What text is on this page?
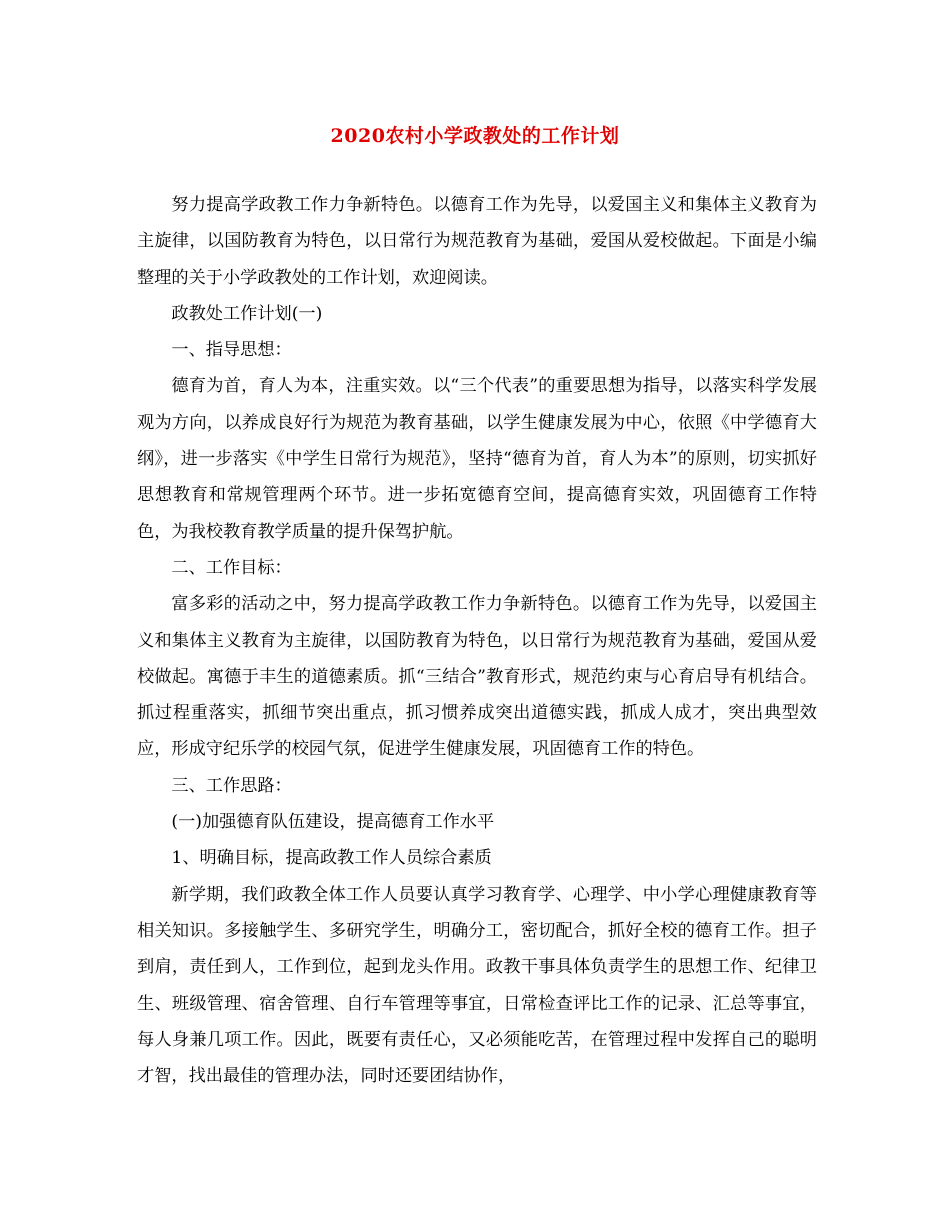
2020农村小学政教处的工作计划

努力提高学政教工作力争新特色。以德育工作为先导，以爱国主义和集体主义教育为主旋律，以国防教育为特色，以日常行为规范教育为基础，爱国从爱校做起。下面是小编整理的关于小学政教处的工作计划，欢迎阅读。

政教处工作计划(一)

一、指导思想：

德育为首，育人为本，注重实效。以“三个代表”的重要思想为指导，以落实科学发展观为方向，以养成良好行为规范为教育基础，以学生健康发展为中心，依照《中学德育大纲》，进一步落实《中学生日常行为规范》，坚持“德育为首，育人为本”的原则，切实抓好思想教育和常规管理两个环节。进一步拓宽德育空间，提高德育实效，巩固德育工作特色，为我校教育教学质量的提升保驾护航。

二、工作目标：

富多彩的活动之中，努力提高学政教工作力争新特色。以德育工作为先导，以爱国主义和集体主义教育为主旋律，以国防教育为特色，以日常行为规范教育为基础，爱国从爱校做起。寓德于丰生的道德素质。抓“三结合”教育形式，规范约束与心育启导有机结合。抓过程重落实，抓细节突出重点，抓习惯养成突出道德实践，抓成人成才，突出典型效应，形成守纪乐学的校园气氛，促进学生健康发展，巩固德育工作的特色。

三、工作思路：

(一)加强德育队伍建设，提高德育工作水平

1、明确目标，提高政教工作人员综合素质

新学期，我们政教全体工作人员要认真学习教育学、心理学、中小学心理健康教育等相关知识。多接触学生、多研究学生，明确分工，密切配合，抓好全校的德育工作。担子到肩，责任到人，工作到位，起到龙头作用。政教干事具体负责学生的思想工作、纪律卫生、班级管理、宿舍管理、自行车管理等事宜，日常检查评比工作的记录、汇总等事宜，每人身兼几项工作。因此，既要有责任心，又必须能吃苦，在管理过程中发挥自己的聪明才智，找出最佳的管理办法，同时还要团结协作，
